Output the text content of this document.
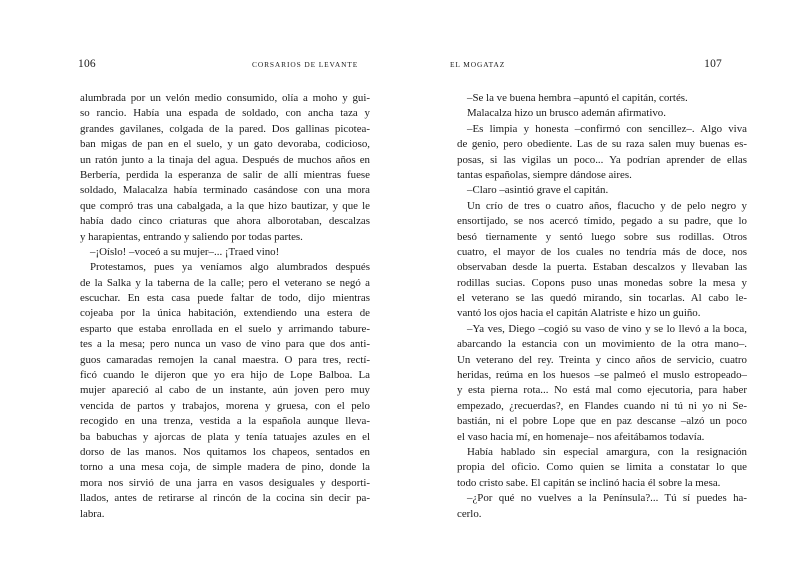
106	CORSARIOS DE LEVANTE
alumbrada por un velón medio consumido, olía a moho y gui-
so rancio. Había una espada de soldado, con ancha taza y
grandes gavilanes, colgada de la pared. Dos gallinas picotea-
ban migas de pan en el suelo, y un gato devoraba, codicioso,
un ratón junto a la tinaja del agua. Después de muchos años en
Berbería, perdida la esperanza de salir de allí mientras fuese
soldado, Malacalza había terminado casándose con una mora
que compró tras una cabalgada, a la que hizo bautizar, y que le
había dado cinco criaturas que ahora alborotaban, descalzas
y harapientas, entrando y saliendo por todas partes.
–¡Oíslo! –voceó a su mujer–... ¡Traed vino!
Protestamos, pues ya veníamos algo alumbrados después
de la Salka y la taberna de la calle; pero el veterano se negó a
escuchar. En esta casa puede faltar de todo, dijo mientras
cojeaba por la única habitación, extendiendo una estera de
esparto que estaba enrollada en el suelo y arrimando tabure-
tes a la mesa; pero nunca un vaso de vino para que dos anti-
guos camaradas remojen la canal maestra. O para tres, rectí-
ficó cuando le dijeron que yo era hijo de Lope Balboa. La
mujer apareció al cabo de un instante, aún joven pero muy
vencida de partos y trabajos, morena y gruesa, con el pelo
recogido en una trenza, vestida a la española aunque lleva-
ba babuchas y ajorcas de plata y tenía tatuajes azules en el
dorso de las manos. Nos quitamos los chapeos, sentados en
torno a una mesa coja, de simple madera de pino, donde la
mora nos sirvió de una jarra en vasos desiguales y desporti-
llados, antes de retirarse al rincón de la cocina sin decir pa-
labra.
EL MOGATAZ	107
–Se la ve buena hembra –apuntó el capitán, cortés.
Malacalza hizo un brusco ademán afirmativo.
–Es limpia y honesta –confirmó con sencillez–. Algo viva
de genio, pero obediente. Las de su raza salen muy buenas es-
posas, si las vigilas un poco... Ya podrían aprender de ellas
tantas españolas, siempre dándose aires.
–Claro –asintió grave el capitán.
Un crío de tres o cuatro años, flacucho y de pelo negro y
ensortijado, se nos acercó tímido, pegado a su padre, que lo
besó tiernamente y sentó luego sobre sus rodillas. Otros
cuatro, el mayor de los cuales no tendría más de doce, nos
observaban desde la puerta. Estaban descalzos y llevaban las
rodillas sucias. Copons puso unas monedas sobre la mesa y
el veterano se las quedó mirando, sin tocarlas. Al cabo le-
vantó los ojos hacia el capitán Alatriste e hizo un guiño.
–Ya ves, Diego –cogió su vaso de vino y se lo llevó a la boca,
abarcando la estancia con un movimiento de la otra mano–.
Un veterano del rey. Treinta y cinco años de servicio, cuatro
heridas, reúma en los huesos –se palmeó el muslo estropeado–
y esta pierna rota... No está mal como ejecutoria, para haber
empezado, ¿recuerdas?, en Flandes cuando ni tú ni yo ni Se-
bastián, ni el pobre Lope que en paz descanse –alzó un poco
el vaso hacia mí, en homenaje– nos afeitábamos todavía.
Había hablado sin especial amargura, con la resignación
propia del oficio. Como quien se limita a constatar lo que
todo cristo sabe. El capitán se inclinó hacia él sobre la mesa.
–¿Por qué no vuelves a la Península?... Tú sí puedes ha-
cerlo.
